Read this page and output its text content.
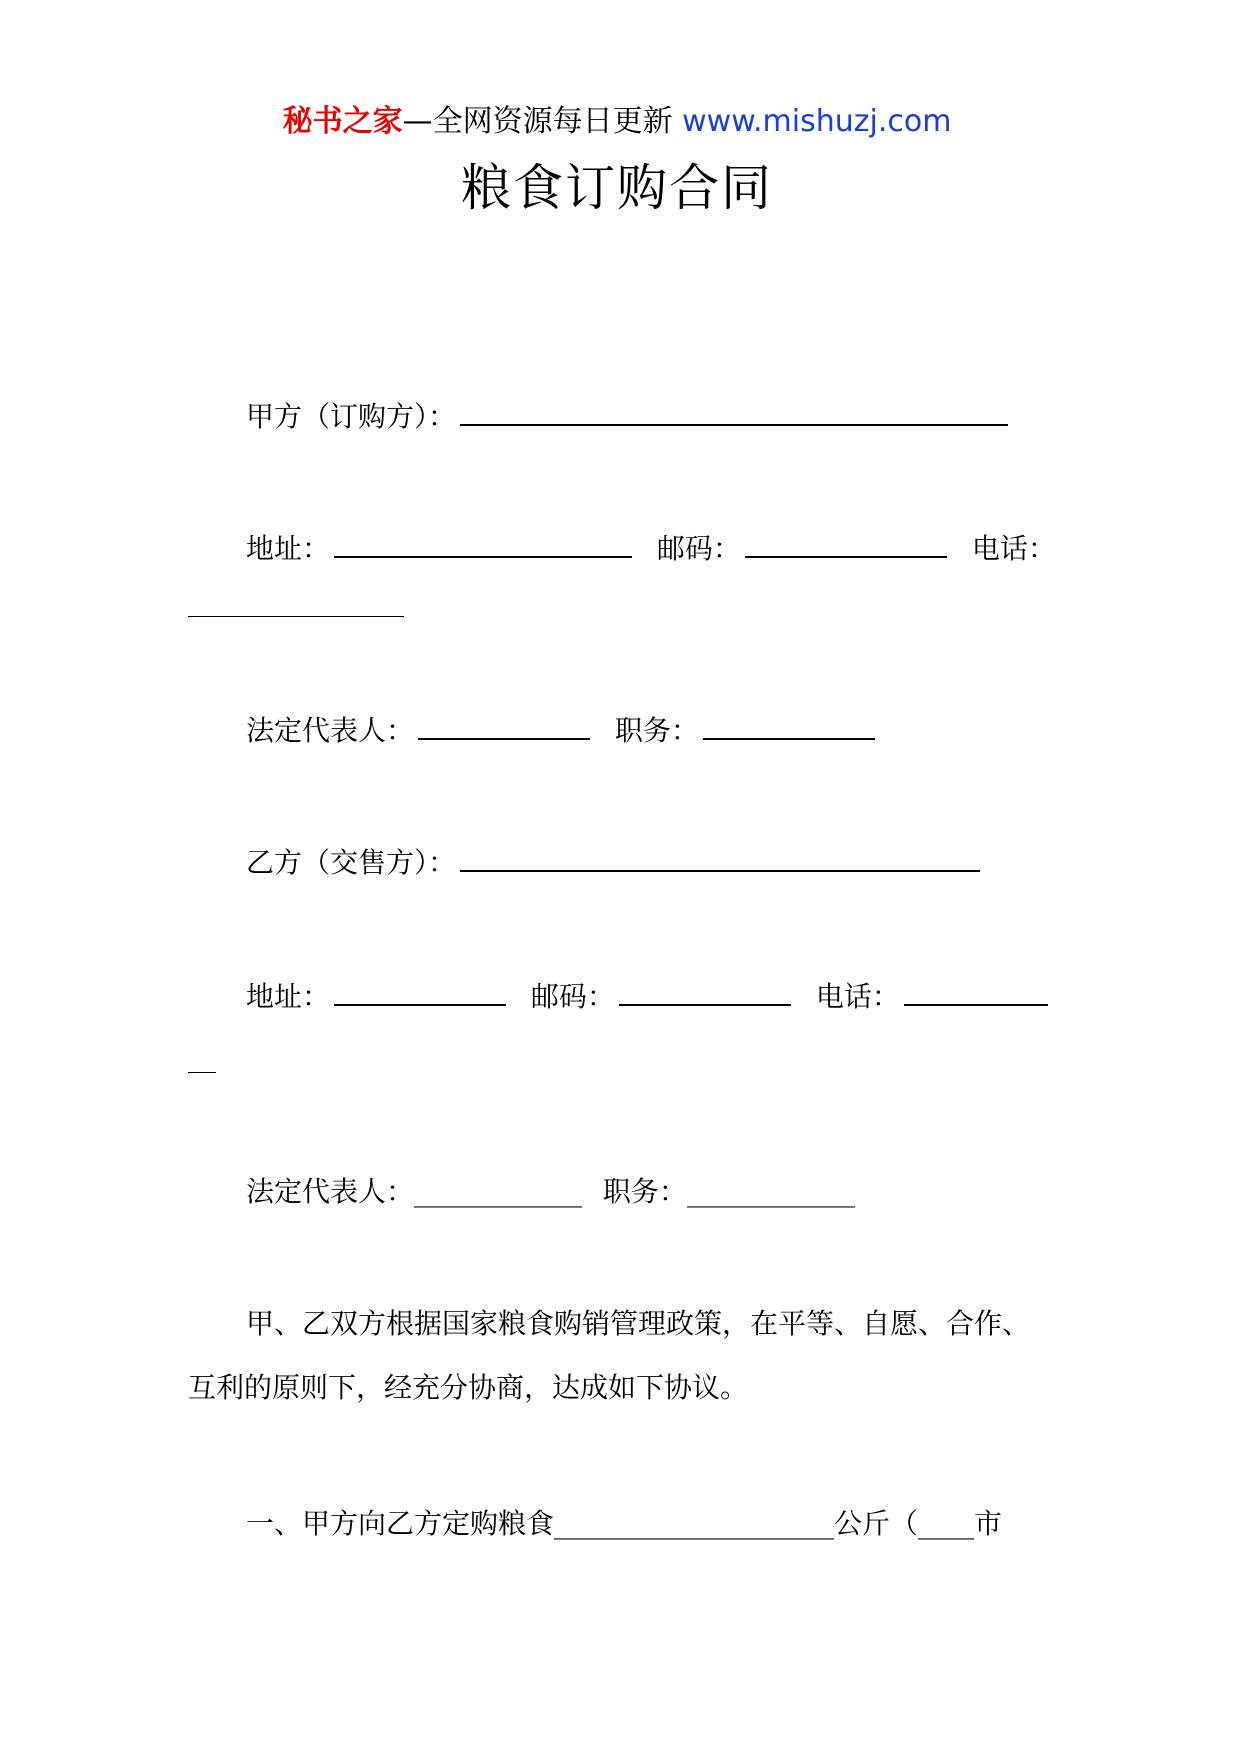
秘书之家—全网资源每日更新 www.mishuzj.com
粮食订购合同
甲方（订购方）：
地址：	邮码：	电话：
法定代表人：	职务：
乙方（交售方）：
地址：	邮码：	电话：
法定代表人：____________ 职务：____________
甲、乙双方根据国家粮食购销管理政策，在平等、自愿、合作、互利的原则下，经充分协商，达成如下协议。
一、甲方向乙方定购粮食____________________公斤（____市
